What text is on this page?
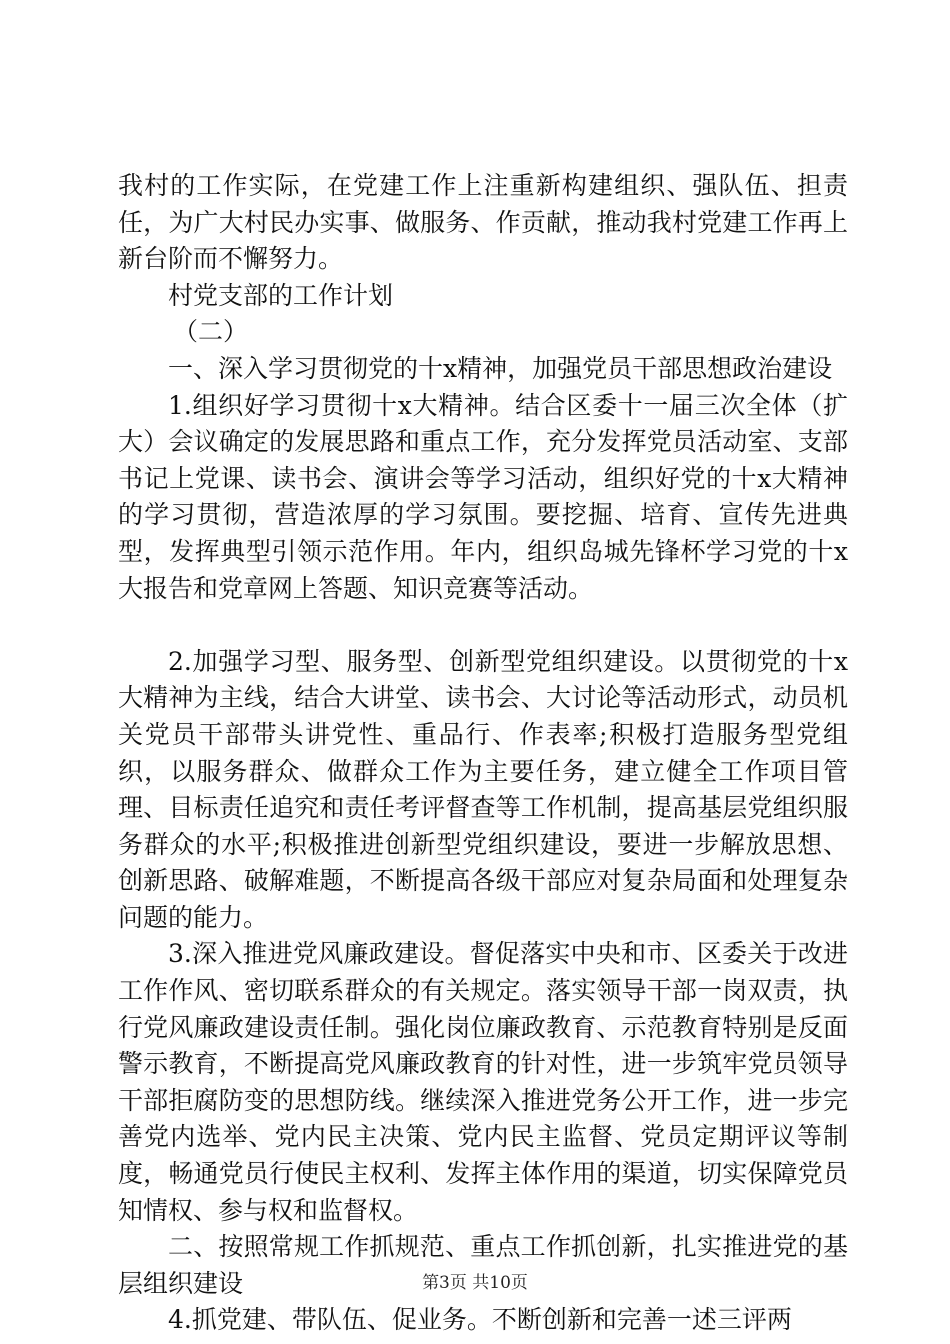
我村的工作实际，在党建工作上注重新构建组织、强队伍、担责任，为广大村民办实事、做服务、作贡献，推动我村党建工作再上新台阶而不懈努力。

村党支部的工作计划

（二）

一、深入学习贯彻党的十x精神，加强党员干部思想政治建设

1.组织好学习贯彻十x大精神。结合区委十一届三次全体（扩大）会议确定的发展思路和重点工作，充分发挥党员活动室、支部书记上党课、读书会、演讲会等学习活动，组织好党的十x大精神的学习贯彻，营造浓厚的学习氛围。要挖掘、培育、宣传先进典型，发挥典型引领示范作用。年内，组织岛城先锋杯学习党的十x大报告和党章网上答题、知识竞赛等活动。

2.加强学习型、服务型、创新型党组织建设。以贯彻党的十x大精神为主线，结合大讲堂、读书会、大讨论等活动形式，动员机关党员干部带头讲党性、重品行、作表率;积极打造服务型党组织，以服务群众、做群众工作为主要任务，建立健全工作项目管理、目标责任追究和责任考评督查等工作机制，提高基层党组织服务群众的水平;积极推进创新型党组织建设，要进一步解放思想、创新思路、破解难题，不断提高各级干部应对复杂局面和处理复杂问题的能力。

3.深入推进党风廉政建设。督促落实中央和市、区委关于改进工作作风、密切联系群众的有关规定。落实领导干部一岗双责，执行党风廉政建设责任制。强化岗位廉政教育、示范教育特别是反面警示教育，不断提高党风廉政教育的针对性，进一步筑牢党员领导干部拒腐防变的思想防线。继续深入推进党务公开工作，进一步完善党内选举、党内民主决策、党内民主监督、党员定期评议等制度，畅通党员行使民主权利、发挥主体作用的渠道，切实保障党员知情权、参与权和监督权。

二、按照常规工作抓规范、重点工作抓创新，扎实推进党的基层组织建设

4.抓党建、带队伍、促业务。不断创新和完善一述三评两

第3页 共10页
